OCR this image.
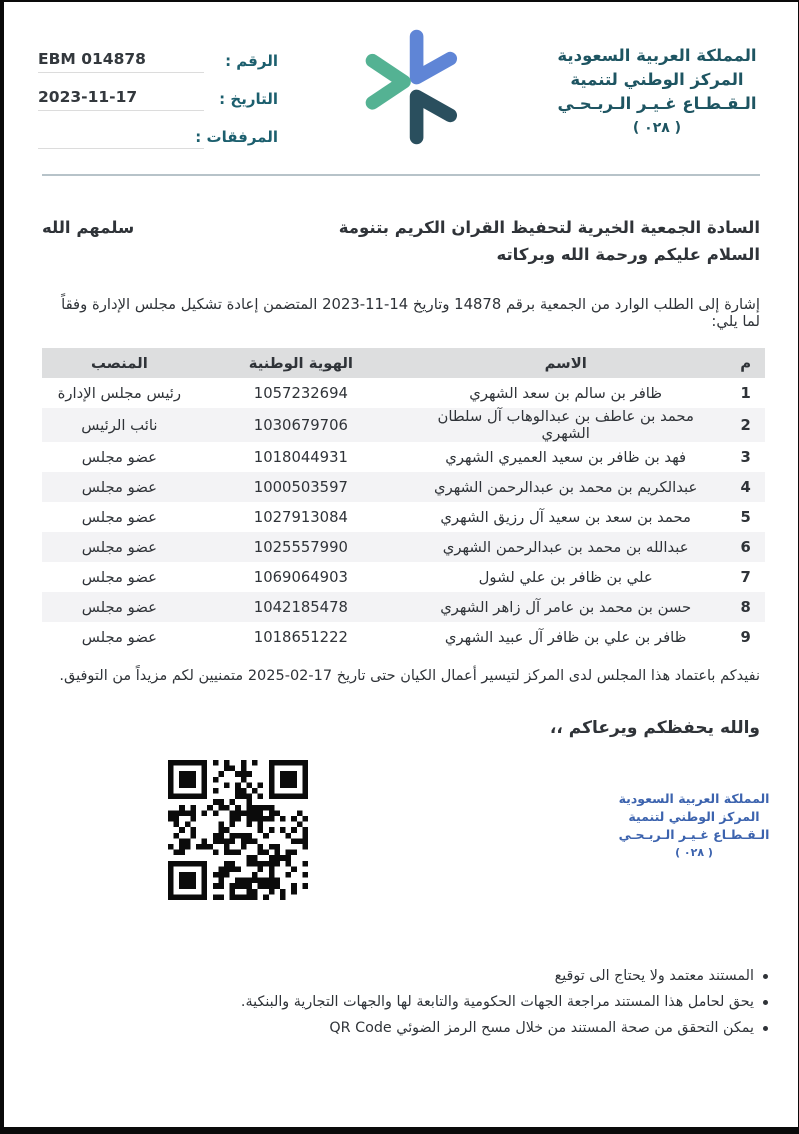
الرقم :
EBM 014878
التاريخ :
2023-11-17
المرفقات :
المملكة العربية السعودية
المركز الوطني لتنمية
الـقـطـاع غـيـر الـربـحـي
( ٠٢٨ )
السادة الجمعية الخيرية لتحفيظ القران الكريم بتنومة
سلمهم الله
السلام عليكم ورحمة الله وبركاته
إشارة إلى الطلب الوارد من الجمعية برقم 14878 وتاريخ 14-11-2023 المتضمن إعادة تشكيل مجلس الإدارة وفقاً لما يلي:
م	الاسم	الهوية الوطنية	المنصب
1	ظافر بن سالم بن سعد الشهري	1057232694	رئيس مجلس الإدارة
2	محمد بن عاطف بن عبدالوهاب آل سلطان الشهري	1030679706	نائب الرئيس
3	فهد بن ظافر بن سعيد العميري الشهري	1018044931	عضو مجلس
4	عبدالكريم بن محمد بن عبدالرحمن الشهري	1000503597	عضو مجلس
5	محمد بن سعد بن سعيد آل رزيق الشهري	1027913084	عضو مجلس
6	عبدالله بن محمد بن عبدالرحمن الشهري	1025557990	عضو مجلس
7	علي بن ظافر بن علي لشول	1069064903	عضو مجلس
8	حسن بن محمد بن عامر آل زاهر الشهري	1042185478	عضو مجلس
9	ظافر بن علي بن ظافر آل عبيد الشهري	1018651222	عضو مجلس
نفيدكم باعتماد هذا المجلس لدى المركز لتيسير أعمال الكيان حتى تاريخ 17-02-2025 متمنيين لكم مزيداً من التوفيق.
والله يحفظكم ويرعاكم ،،
المملكة العربية السعودية
المركز الوطني لتنمية
الـقـطـاع غـيـر الـربـحـي
( ٠٢٨ )
المستند معتمد ولا يحتاج الى توقيع
يحق لحامل هذا المستند مراجعة الجهات الحكومية والتابعة لها والجهات التجارية والبنكية.
يمكن التحقق من صحة المستند من خلال مسح الرمز الضوئي QR Code
